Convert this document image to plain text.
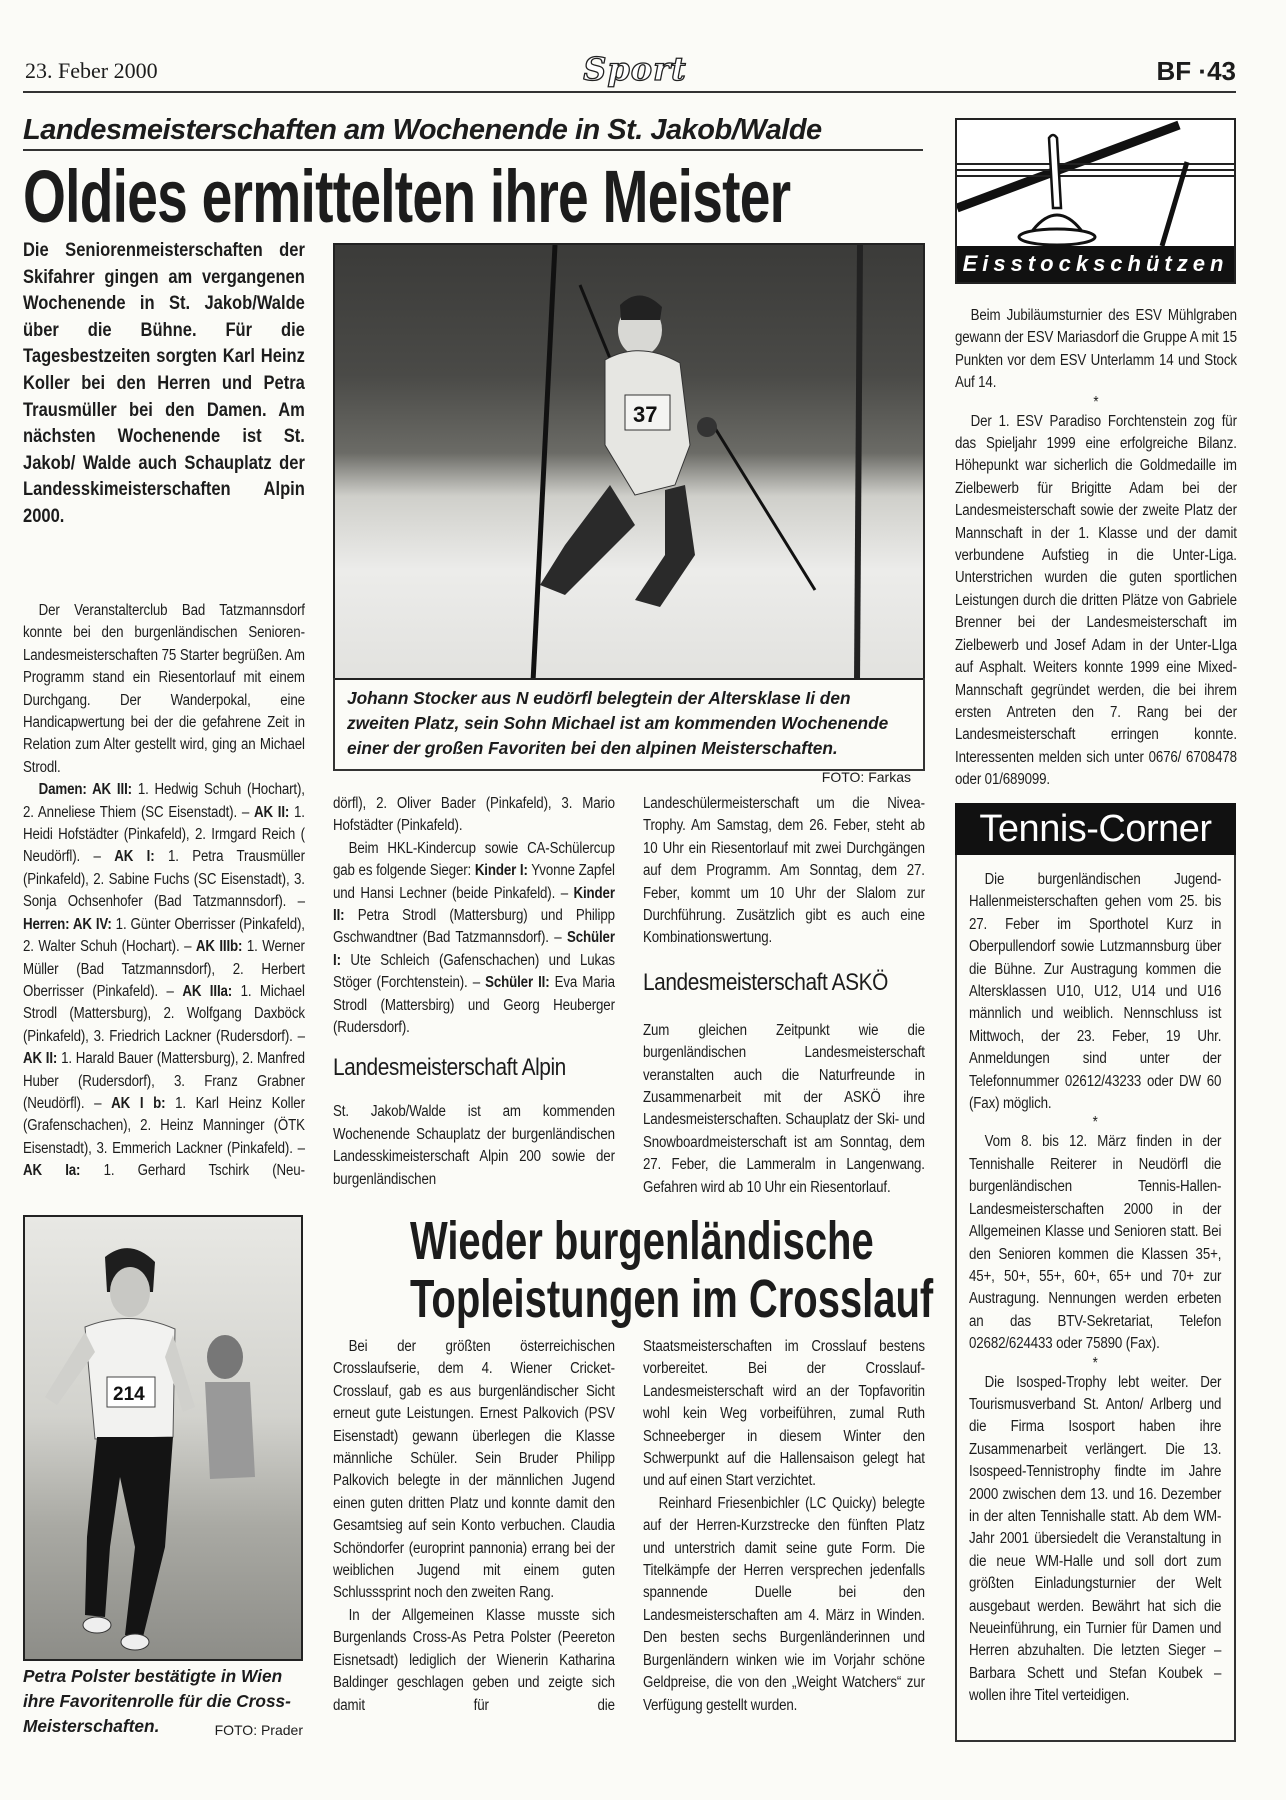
23. Feber 2000	Sport	BF ·43
Landesmeisterschaften am Wochenende in St. Jakob/Walde
Oldies ermittelten ihre Meister
Die Seniorenmeisterschaften der Skifahrer gingen am vergangenen Wochenende in St. Jakob/Walde über die Bühne. Für die Tagesbestzeiten sorgten Karl Heinz Koller bei den Herren und Petra Trausmüller bei den Damen. Am nächsten Wochenende ist St. Jakob/ Walde auch Schauplatz der Landesskimeisterschaften Alpin 2000.
37
Johann Stocker aus N eudörfl belegtein der Altersklase Ii den zweiten Platz, sein Sohn Michael ist am kommenden Wochenende einer der großen Favoriten bei den alpinen Meisterschaften.
FOTO: Farkas

Der Veranstalterclub Bad Tatzmannsdorf konnte bei den burgenländischen Senioren-Landesmeisterschaften 75 Starter begrüßen. Am Programm stand ein Riesentorlauf mit einem Durchgang. Der Wanderpokal, eine Handicapwertung bei der die gefahrene Zeit in Relation zum Alter gestellt wird, ging an Michael Strodl.

Damen: AK III: 1. Hedwig Schuh (Hochart), 2. Anneliese Thiem (SC Eisenstadt). – AK II: 1. Heidi Hofstädter (Pinkafeld), 2. Irmgard Reich ( Neudörfl). – AK I: 1. Petra Trausmüller (Pinkafeld), 2. Sabine Fuchs (SC Eisenstadt), 3. Sonja Ochsenhofer (Bad Tatzmannsdorf). – Herren: AK IV: 1. Günter Oberrisser (Pinkafeld), 2. Walter Schuh (Hochart). – AK IIIb: 1. Werner Müller (Bad Tatzmannsdorf), 2. Herbert Oberrisser (Pinkafeld). – AK IIIa: 1. Michael Strodl (Mattersburg), 2. Wolfgang Daxböck (Pinkafeld), 3. Friedrich Lackner (Rudersdorf). – AK II: 1. Harald Bauer (Mattersburg), 2. Manfred Huber (Rudersdorf), 3. Franz Grabner (Neudörfl). – AK I b: 1. Karl Heinz Koller (Grafenschachen), 2. Heinz Manninger (ÖTK Eisenstadt), 3. Emmerich Lackner (Pinkafeld). – AK Ia: 1. Gerhard Tschirk (Neu-

dörfl), 2. Oliver Bader (Pinkafeld), 3. Mario Hofstädter (Pinkafeld).

Beim HKL-Kindercup sowie CA-Schülercup gab es folgende Sieger: Kinder I: Yvonne Zapfel und Hansi Lechner (beide Pinkafeld). – Kinder II: Petra Strodl (Mattersburg) und Philipp Gschwandtner (Bad Tatzmannsdorf). – Schüler I: Ute Schleich (Gafenschachen) und Lukas Stöger (Forchtenstein). – Schüler II: Eva Maria Strodl (Mattersbirg) und Georg Heuberger (Rudersdorf).

Landesmeisterschaft Alpin

St. Jakob/Walde ist am kommenden Wochenende Schauplatz der burgenländischen Landesskimeisterschaft Alpin 200 sowie der burgenländischen

Landeschülermeisterschaft um die Nivea-Trophy. Am Samstag, dem 26. Feber, steht ab 10 Uhr ein Riesentorlauf mit zwei Durchgängen auf dem Programm. Am Sonntag, dem 27. Feber, kommt um 10 Uhr der Slalom zur Durchführung. Zusätzlich gibt es auch eine Kombinationswertung.

Landesmeisterschaft ASKÖ

Zum gleichen Zeitpunkt wie die burgenländischen Landesmeisterschaft veranstalten auch die Naturfreunde in Zusammenarbeit mit der ASKÖ ihre Landesmeisterschaften. Schauplatz der Ski- und Snowboardmeisterschaft ist am Sonntag, dem 27. Feber, die Lammeralm in Langenwang. Gefahren wird ab 10 Uhr ein Riesentorlauf.

214
Petra Polster bestätigte in Wien ihre Favoritenrolle für die Cross-Meisterschaften.	FOTO: Prader
Wieder burgenländische
Topleistungen im Crosslauf

Bei der größten österreichischen Crosslaufserie, dem 4. Wiener Cricket-Crosslauf, gab es aus burgenländischer Sicht erneut gute Leistungen. Ernest Palkovich (PSV Eisenstadt) gewann überlegen die Klasse männliche Schüler. Sein Bruder Philipp Palkovich belegte in der männlichen Jugend einen guten dritten Platz und konnte damit den Gesamtsieg auf sein Konto verbuchen. Claudia Schöndorfer (europrint pannonia) errang bei der weiblichen Jugend mit einem guten Schlusssprint noch den zweiten Rang.

In der Allgemeinen Klasse musste sich Burgenlands Cross-As Petra Polster (Peereton Eisnetsadt) lediglich der Wienerin Katharina Baldinger geschlagen geben und zeigte sich damit für die

Staatsmeisterschaften im Crosslauf bestens vorbereitet. Bei der Crosslauf-Landesmeisterschaft wird an der Topfavoritin wohl kein Weg vorbeiführen, zumal Ruth Schneeberger in diesem Winter den Schwerpunkt auf die Hallensaison gelegt hat und auf einen Start verzichtet.

Reinhard Friesenbichler (LC Quicky) belegte auf der Herren-Kurzstrecke den fünften Platz und unterstrich damit seine gute Form. Die Titelkämpfe der Herren versprechen jedenfalls spannende Duelle bei den Landesmeisterschaften am 4. März in Winden. Den besten sechs Burgenländerinnen und Burgenländern winken wie im Vorjahr schöne Geldpreise, die von den „Weight Watchers“ zur Verfügung gestellt wurden.

Eisstockschützen

Beim Jubiläumsturnier des ESV Mühlgraben gewann der ESV Mariasdorf die Gruppe A mit 15 Punkten vor dem ESV Unterlamm 14 und Stock Auf 14.

*

Der 1. ESV Paradiso Forchtenstein zog für das Spieljahr 1999 eine erfolgreiche Bilanz. Höhepunkt war sicherlich die Goldmedaille im Zielbewerb für Brigitte Adam bei der Landesmeisterschaft sowie der zweite Platz der Mannschaft in der 1. Klasse und der damit verbundene Aufstieg in die Unter-Liga. Unterstrichen wurden die guten sportlichen Leistungen durch die dritten Plätze von Gabriele Brenner bei der Landesmeisterschaft im Zielbewerb und Josef Adam in der Unter-LIga auf Asphalt. Weiters konnte 1999 eine Mixed-Mannschaft gegründet werden, die bei ihrem ersten Antreten den 7. Rang bei der Landesmeisterschaft erringen konnte. Interessenten melden sich unter 0676/ 6708478 oder 01/689099.

Tennis-Corner

Die burgenländischen Jugend-Hallenmeisterschaften gehen vom 25. bis 27. Feber im Sporthotel Kurz in Oberpullendorf sowie Lutzmannsburg über die Bühne. Zur Austragung kommen die Altersklassen U10, U12, U14 und U16 männlich und weiblich. Nennschluss ist Mittwoch, der 23. Feber, 19 Uhr. Anmeldungen sind unter der Telefonnummer 02612/43233 oder DW 60 (Fax) möglich.

*

Vom 8. bis 12. März finden in der Tennishalle Reiterer in Neudörfl die burgenländischen Tennis-Hallen-Landesmeisterschaften 2000 in der Allgemeinen Klasse und Senioren statt. Bei den Senioren kommen die Klassen 35+, 45+, 50+, 55+, 60+, 65+ und 70+ zur Austragung. Nennungen werden erbeten an das BTV-Sekretariat, Telefon 02682/624433 oder 75890 (Fax).

*

Die Isosped-Trophy lebt weiter. Der Tourismusverband St. Anton/ Arlberg und die Firma Isosport haben ihre Zusammenarbeit verlängert. Die 13. Isospeed-Tennistrophy findte im Jahre 2000 zwischen dem 13. und 16. Dezember in der alten Tennishalle statt. Ab dem WM-Jahr 2001 übersiedelt die Veranstaltung in die neue WM-Halle und soll dort zum größten Einladungsturnier der Welt ausgebaut werden. Bewährt hat sich die Neueinführung, ein Turnier für Damen und Herren abzuhalten. Die letzten Sieger – Barbara Schett und Stefan Koubek – wollen ihre Titel verteidigen.
